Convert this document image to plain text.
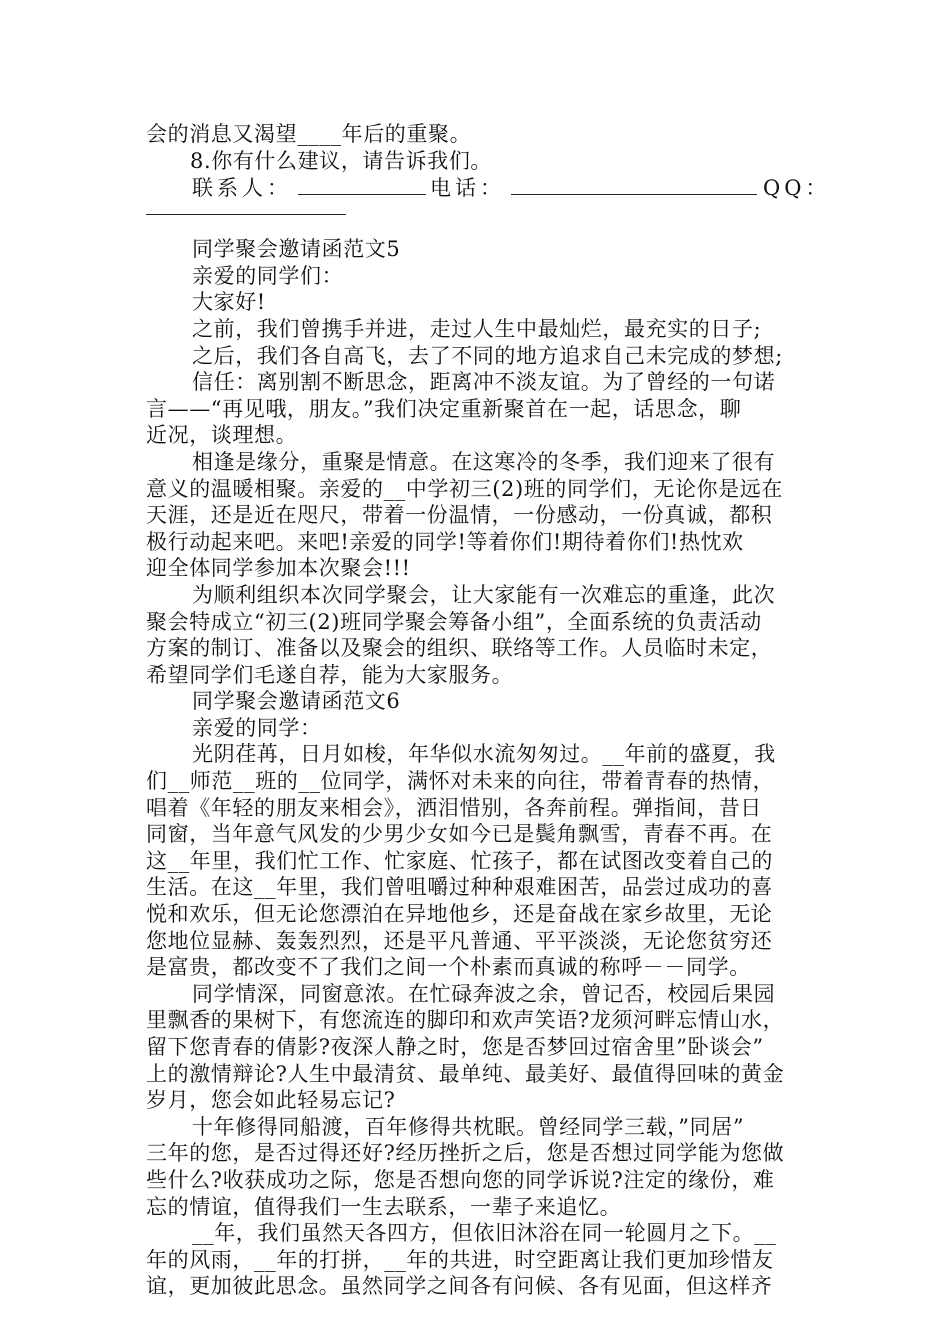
会的消息又渴望____年后的重聚。
8.你有什么建议，请告诉我们。
联系人：	电话：	QQ：
同学聚会邀请函范文5
亲爱的同学们：
大家好!
之前，我们曾携手并进，走过人生中最灿烂，最充实的日子;
之后，我们各自高飞，去了不同的地方追求自己未完成的梦想;
信任：离别割不断思念，距离冲不淡友谊。为了曾经的一句诺
言——“再见哦，朋友。”我们决定重新聚首在一起，话思念，聊
近况，谈理想。
相逢是缘分，重聚是情意。在这寒冷的冬季，我们迎来了很有
意义的温暖相聚。亲爱的__中学初三(2)班的同学们，无论你是远在
天涯，还是近在咫尺，带着一份温情，一份感动，一份真诚，都积
极行动起来吧。来吧!亲爱的同学!等着你们!期待着你们!热忱欢
迎全体同学参加本次聚会!!!
为顺利组织本次同学聚会，让大家能有一次难忘的重逢，此次
聚会特成立“初三(2)班同学聚会筹备小组”，全面系统的负责活动
方案的制订、准备以及聚会的组织、联络等工作。人员临时未定，
希望同学们毛遂自荐，能为大家服务。
同学聚会邀请函范文6
亲爱的同学：
光阴荏苒，日月如梭，年华似水流匆匆过。__年前的盛夏，我
们__师范__班的__位同学，满怀对未来的向往，带着青春的热情，
唱着《年轻的朋友来相会》，洒泪惜别，各奔前程。弹指间，昔日
同窗，当年意气风发的少男少女如今已是鬓角飘雪，青春不再。在
这__年里，我们忙工作、忙家庭、忙孩子，都在试图改变着自己的
生活。在这__年里，我们曾咀嚼过种种艰难困苦，品尝过成功的喜
悦和欢乐，但无论您漂泊在异地他乡，还是奋战在家乡故里，无论
您地位显赫、轰轰烈烈，还是平凡普通、平平淡淡，无论您贫穷还
是富贵，都改变不了我们之间一个朴素而真诚的称呼－－同学。
同学情深，同窗意浓。在忙碌奔波之余，曾记否，校园后果园
里飘香的果树下，有您流连的脚印和欢声笑语?龙须河畔忘情山水，
留下您青春的倩影?夜深人静之时，您是否梦回过宿舍里”卧谈会”
上的激情辩论?人生中最清贫、最单纯、最美好、最值得回味的黄金
岁月，您会如此轻易忘记?
十年修得同船渡，百年修得共枕眠。曾经同学三载，”同居”
三年的您，是否过得还好?经历挫折之后，您是否想过同学能为您做
些什么?收获成功之际，您是否想向您的同学诉说?注定的缘份，难
忘的情谊，值得我们一生去联系，一辈子来追忆。
__年，我们虽然天各四方，但依旧沐浴在同一轮圆月之下。__
年的风雨，__年的打拼，__年的共进，时空距离让我们更加珍惜友
谊，更加彼此思念。虽然同学之间各有问候、各有见面，但这样齐
